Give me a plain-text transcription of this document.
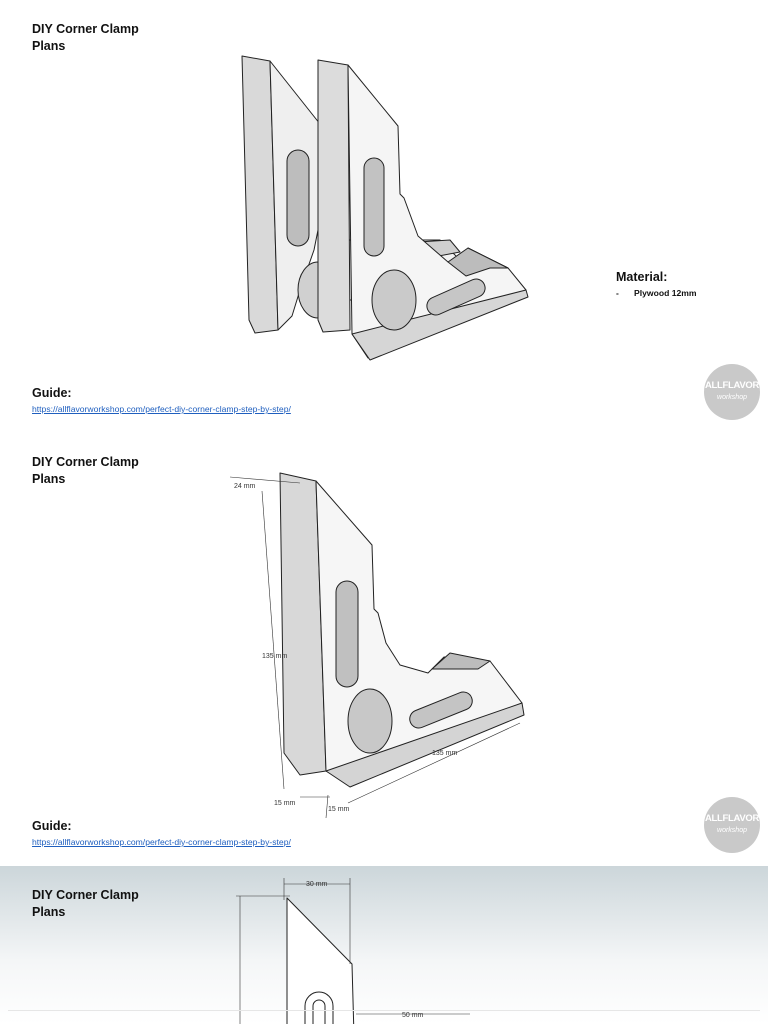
DIY Corner Clamp
Plans
Material:
- Plywood 12mm
Guide:
https://allflavorworkshop.com/perfect-diy-corner-clamp-step-by-step/
ALLFLAVOR
workshop
DIY Corner Clamp
Plans
24 mm
135 mm
135 mm
15 mm
15 mm
Guide:
https://allflavorworkshop.com/perfect-diy-corner-clamp-step-by-step/
ALLFLAVOR
workshop
DIY Corner Clamp
Plans
30 mm
50 mm
